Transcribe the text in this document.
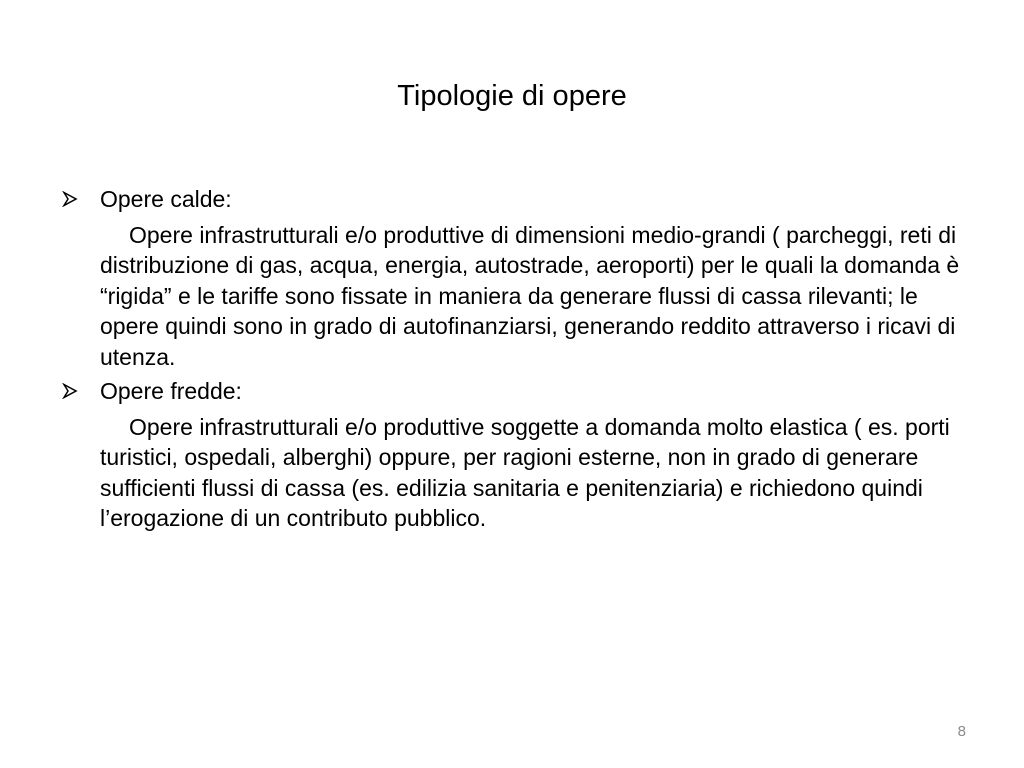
Tipologie di opere
Opere calde:
Opere infrastrutturali e/o produttive di dimensioni medio-grandi ( parcheggi, reti di distribuzione di gas, acqua, energia, autostrade, aeroporti) per le quali la domanda è “rigida” e le tariffe sono fissate in maniera da generare flussi di cassa rilevanti; le opere quindi sono in grado di autofinanziarsi, generando reddito attraverso i ricavi di utenza.
Opere fredde:
Opere infrastrutturali e/o produttive soggette a domanda molto elastica ( es. porti turistici, ospedali, alberghi) oppure, per ragioni esterne, non in grado di generare sufficienti flussi di cassa (es. edilizia sanitaria e penitenziaria) e richiedono quindi l’erogazione di un contributo pubblico.
8
